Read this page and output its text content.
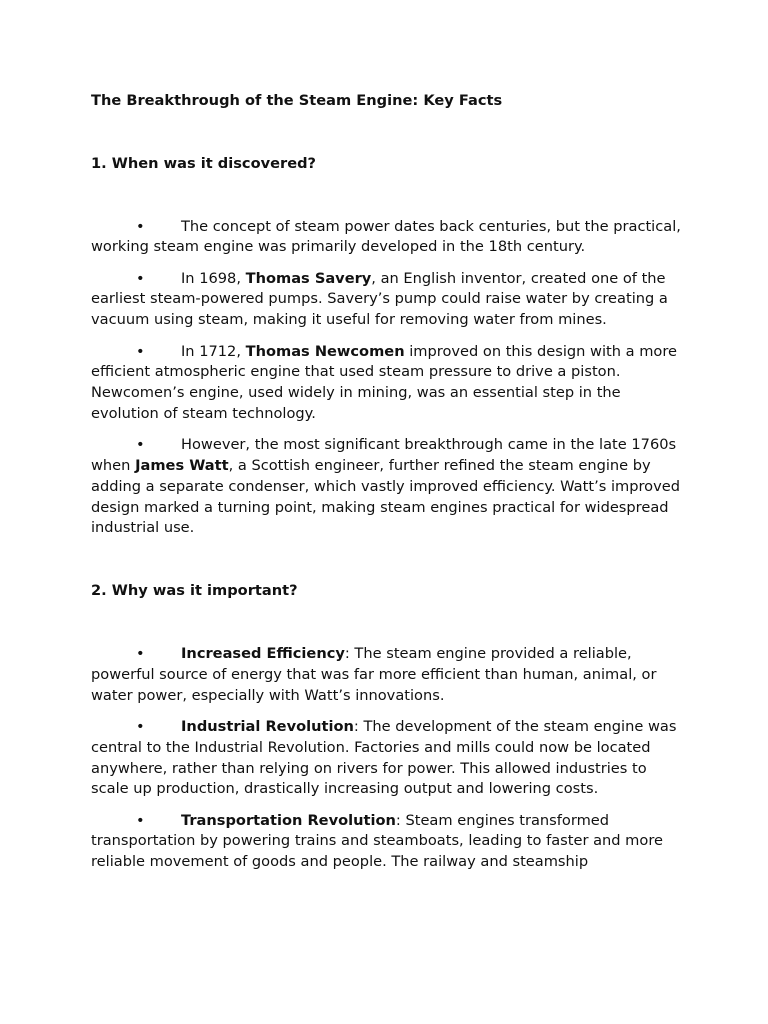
The Breakthrough of the Steam Engine: Key Facts
1. When was it discovered?

• The concept of steam power dates back centuries, but the practical, working steam engine was primarily developed in the 18th century.

• In 1698, Thomas Savery, an English inventor, created one of the earliest steam-powered pumps. Savery’s pump could raise water by creating a vacuum using steam, making it useful for removing water from mines.

• In 1712, Thomas Newcomen improved on this design with a more efficient atmospheric engine that used steam pressure to drive a piston. Newcomen’s engine, used widely in mining, was an essential step in the evolution of steam technology.

• However, the most significant breakthrough came in the late 1760s when James Watt, a Scottish engineer, further refined the steam engine by adding a separate condenser, which vastly improved efficiency. Watt’s improved design marked a turning point, making steam engines practical for widespread industrial use.

2. Why was it important?

• Increased Efficiency: The steam engine provided a reliable, powerful source of energy that was far more efficient than human, animal, or water power, especially with Watt’s innovations.

• Industrial Revolution: The development of the steam engine was central to the Industrial Revolution. Factories and mills could now be located anywhere, rather than relying on rivers for power. This allowed industries to scale up production, drastically increasing output and lowering costs.

• Transportation Revolution: Steam engines transformed transportation by powering trains and steamboats, leading to faster and more reliable movement of goods and people. The railway and steamship
